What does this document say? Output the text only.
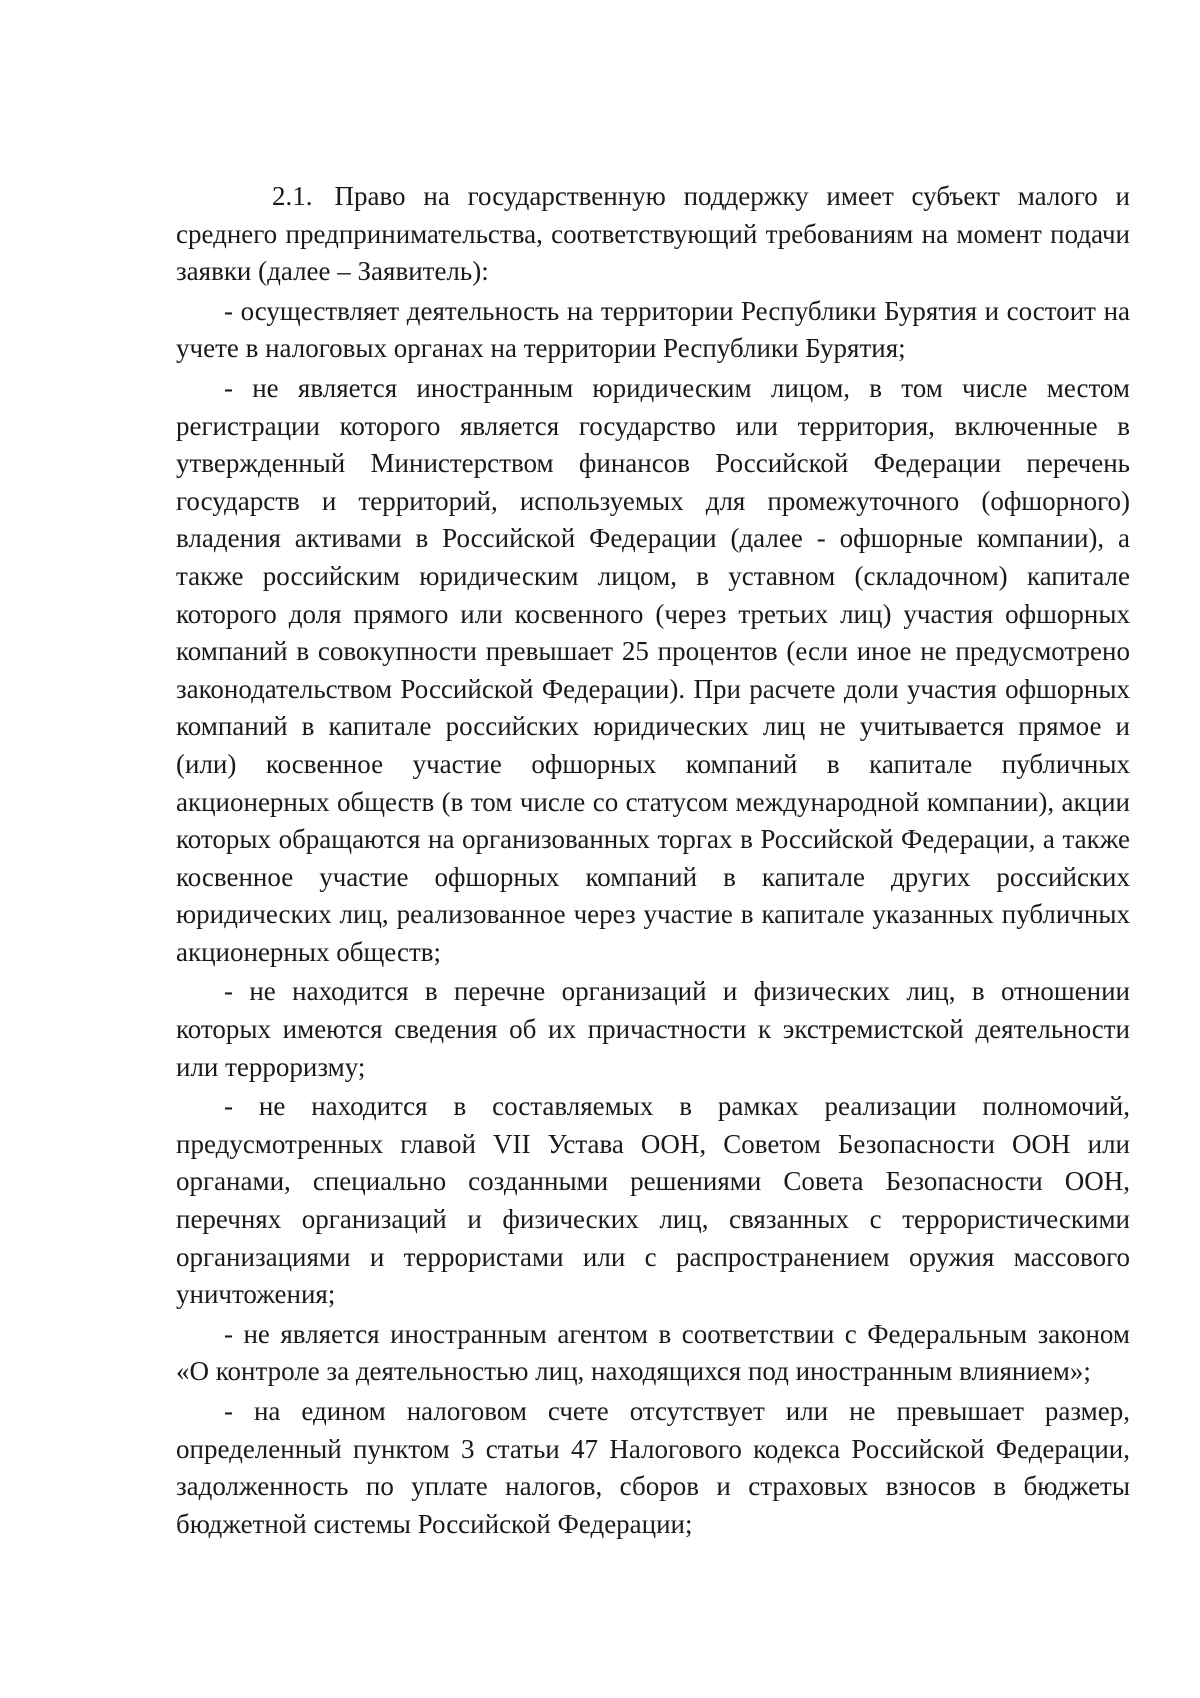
2.1. Право на государственную поддержку имеет субъект малого и среднего предпринимательства, соответствующий требованиям на момент подачи заявки (далее – Заявитель):

- осуществляет деятельность на территории Республики Бурятия и состоит на учете в налоговых органах на территории Республики Бурятия;

- не является иностранным юридическим лицом, в том числе местом регистрации которого является государство или территория, включенные в утвержденный Министерством финансов Российской Федерации перечень государств и территорий, используемых для промежуточного (офшорного) владения активами в Российской Федерации (далее - офшорные компании), а также российским юридическим лицом, в уставном (складочном) капитале которого доля прямого или косвенного (через третьих лиц) участия офшорных компаний в совокупности превышает 25 процентов (если иное не предусмотрено законодательством Российской Федерации). При расчете доли участия офшорных компаний в капитале российских юридических лиц не учитывается прямое и (или) косвенное участие офшорных компаний в капитале публичных акционерных обществ (в том числе со статусом международной компании), акции которых обращаются на организованных торгах в Российской Федерации, а также косвенное участие офшорных компаний в капитале других российских юридических лиц, реализованное через участие в капитале указанных публичных акционерных обществ;

- не находится в перечне организаций и физических лиц, в отношении которых имеются сведения об их причастности к экстремистской деятельности или терроризму;

- не находится в составляемых в рамках реализации полномочий, предусмотренных главой VII Устава ООН, Советом Безопасности ООН или органами, специально созданными решениями Совета Безопасности ООН, перечнях организаций и физических лиц, связанных с террористическими организациями и террористами или с распространением оружия массового уничтожения;

- не является иностранным агентом в соответствии с Федеральным законом «О контроле за деятельностью лиц, находящихся под иностранным влиянием»;

- на едином налоговом счете отсутствует или не превышает размер, определенный пунктом 3 статьи 47 Налогового кодекса Российской Федерации, задолженность по уплате налогов, сборов и страховых взносов в бюджеты бюджетной системы Российской Федерации;
